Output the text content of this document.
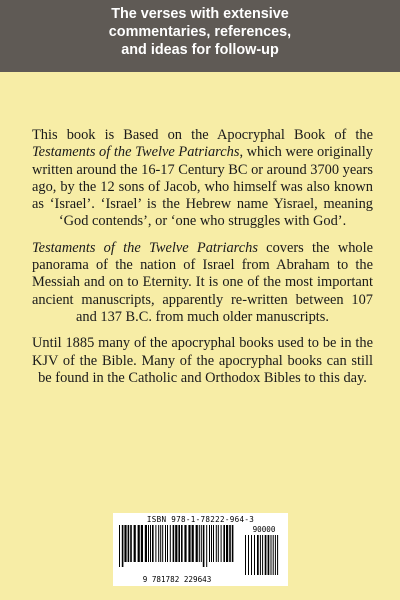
The verses with extensive
commentaries, references,
and ideas for follow-up

This book is Based on the Apocryphal Book of the Testaments of the Twelve Patriarchs, which were originally written around the 16-17 Century BC or around 3700 years ago, by the 12 sons of Jacob, who himself was also known as ‘Israel’. ‘Israel’ is the Hebrew name Yisrael, meaning ‘God contends’, or ‘one who struggles with God’.

Testaments of the Twelve Patriarchs covers the whole panorama of the nation of Israel from Abraham to the Messiah and on to Eternity. It is one of the most important ancient manuscripts, apparently re-written between 107 and 137 B.C. from much older manuscripts.

Until 1885 many of the apocryphal books used to be in the KJV of the Bible. Many of the apocryphal books can still be found in the Catholic and Orthodox Bibles to this day.

ISBN 978-1-78222-964-3
90000
9 781782 229643
